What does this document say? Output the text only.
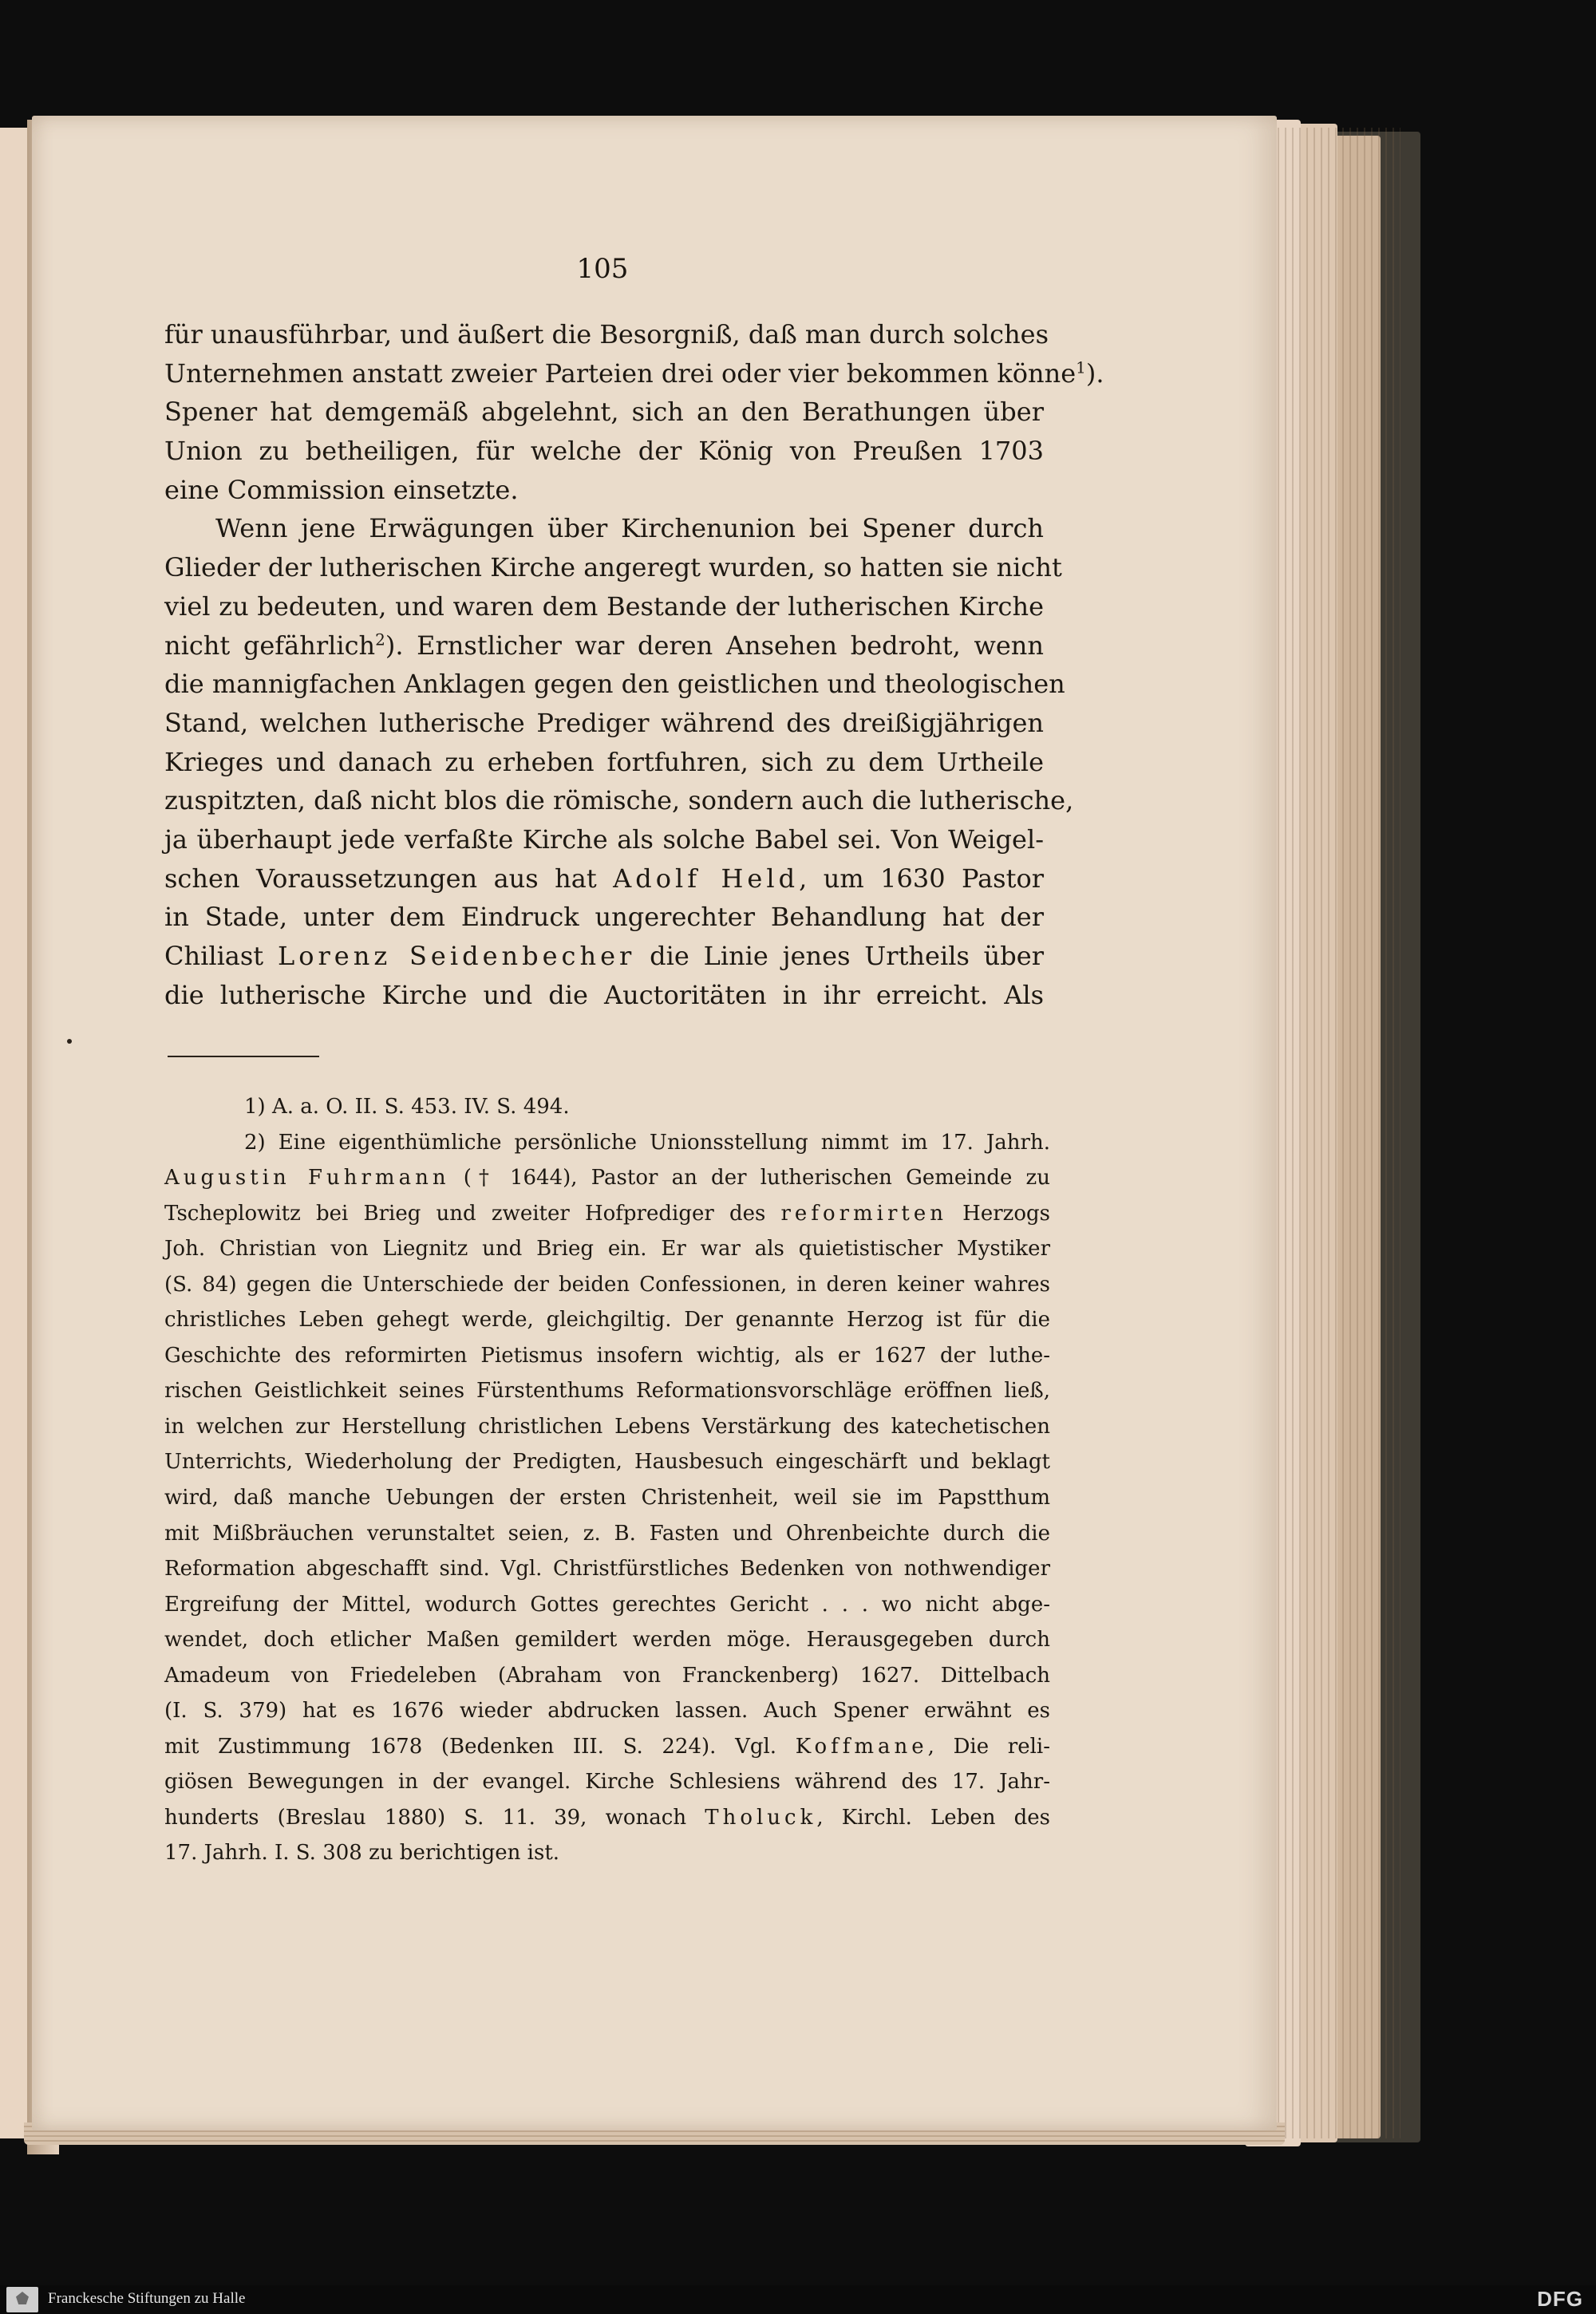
105
für unausführbar, und äußert die Besorgniß, daß man durch solches
Unternehmen anstatt zweier Parteien drei oder vier bekommen könne$^1$).
Spener hat demgemäß abgelehnt, sich an den Berathungen über
Union zu betheiligen, für welche der König von Preußen 1703
eine Commission einsetzte.
Wenn jene Erwägungen über Kirchenunion bei Spener durch
Glieder der lutherischen Kirche angeregt wurden, so hatten sie nicht
viel zu bedeuten, und waren dem Bestande der lutherischen Kirche
nicht gefährlich$^2$). Ernstlicher war deren Ansehen bedroht, wenn
die mannigfachen Anklagen gegen den geistlichen und theologischen
Stand, welchen lutherische Prediger während des dreißigjährigen
Krieges und danach zu erheben fortfuhren, sich zu dem Urtheile
zuspitzten, daß nicht blos die römische, sondern auch die lutherische,
ja überhaupt jede verfaßte Kirche als solche Babel sei. Von Weigel-
schen Voraussetzungen aus hat Adolf Held, um 1630 Pastor
in Stade, unter dem Eindruck ungerechter Behandlung hat der
Chiliast Lorenz Seidenbecher die Linie jenes Urtheils über
die lutherische Kirche und die Auctoritäten in ihr erreicht. Als
1) A. a. O. II. S. 453. IV. S. 494.
2) Eine eigenthümliche persönliche Unionsstellung nimmt im 17. Jahrh.
Augustin Fuhrmann († 1644), Pastor an der lutherischen Gemeinde zu
Tscheplowitz bei Brieg und zweiter Hofprediger des reformirten Herzogs
Joh. Christian von Liegnitz und Brieg ein. Er war als quietistischer Mystiker
(S. 84) gegen die Unterschiede der beiden Confessionen, in deren keiner wahres
christliches Leben gehegt werde, gleichgiltig. Der genannte Herzog ist für die
Geschichte des reformirten Pietismus insofern wichtig, als er 1627 der luthe-
rischen Geistlichkeit seines Fürstenthums Reformationsvorschläge eröffnen ließ,
in welchen zur Herstellung christlichen Lebens Verstärkung des katechetischen
Unterrichts, Wiederholung der Predigten, Hausbesuch eingeschärft und beklagt
wird, daß manche Uebungen der ersten Christenheit, weil sie im Papstthum
mit Mißbräuchen verunstaltet seien, z. B. Fasten und Ohrenbeichte durch die
Reformation abgeschafft sind. Vgl. Christfürstliches Bedenken von nothwendiger
Ergreifung der Mittel, wodurch Gottes gerechtes Gericht . . . wo nicht abge-
wendet, doch etlicher Maßen gemildert werden möge. Herausgegeben durch
Amadeum von Friedeleben (Abraham von Franckenberg) 1627. Dittelbach
(I. S. 379) hat es 1676 wieder abdrucken lassen. Auch Spener erwähnt es
mit Zustimmung 1678 (Bedenken III. S. 224). Vgl. Koffmane, Die reli-
giösen Bewegungen in der evangel. Kirche Schlesiens während des 17. Jahr-
hunderts (Breslau 1880) S. 11. 39, wonach Tholuck, Kirchl. Leben des
17. Jahrh. I. S. 308 zu berichtigen ist.
Franckesche Stiftungen zu Halle	DFG
